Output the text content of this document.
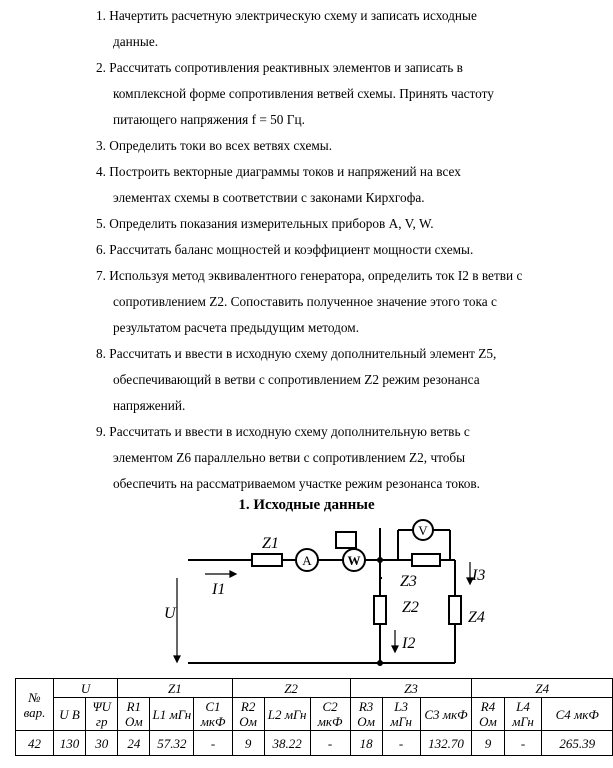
1. Начертить расчетную электрическую схему и записать исходные
данные.
2. Рассчитать сопротивления реактивных элементов и записать в
комплексной форме сопротивления ветвей схемы. Принять частоту
питающего напряжения f = 50 Гц.
3. Определить токи во всех ветвях схемы.
4. Построить векторные диаграммы токов и напряжений на всех
элементах схемы в соответствии с законами Кирхгофа.
5. Определить показания измерительных приборов A, V, W.
6. Рассчитать баланс мощностей и коэффициент мощности схемы.
7. Используя метод эквивалентного генератора, определить ток I2 в ветви с
сопротивлением Z2. Сопоставить полученное значение этого тока с
результатом расчета предыдущим методом.
8. Рассчитать и ввести в исходную схему дополнительный элемент Z5,
обеспечивающий в ветви с сопротивлением Z2 режим резонанса
напряжений.
9. Рассчитать и ввести в исходную схему дополнительную ветвь с
элементом Z6 параллельно ветви с сопротивлением Z2, чтобы
обеспечить на рассматриваемом участке режим резонанса токов.
1. Исходные данные
Z1
Z3
Z2
Z4
I1
I2
I3
U
A	W
V
№ вар.	U		Z1			Z2			Z3			Z4		
	U В	ΨU гр	R1 Ом	L1 мГн	C1 мкФ	R2 Ом	L2 мГн	C2 мкФ	R3 Ом	L3 мГн	C3 мкФ	R4 Ом	L4 мГн	C4 мкФ
42	130	30	24	57.32	-	9	38.22	-	18	-	132.70	9	-	265.39
